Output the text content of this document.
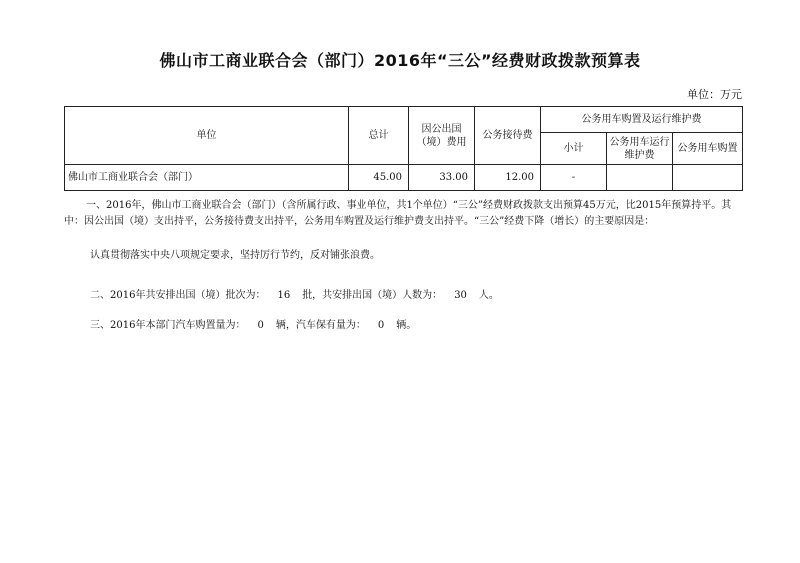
佛山市工商业联合会（部门）2016年“三公”经费财政拨款预算表
单位：万元
单位	总计	因公出国（境）费用	公务接待费	公务用车购置及运行维护费		
				小计	公务用车运行维护费	公务用车购置
佛山市工商业联合会（部门）	45.00	33.00	12.00	-		
一、2016年，佛山市工商业联合会（部门）（含所属行政、事业单位，共1个单位）“三公”经费财政拨款支出预算45万元，比2015年预算持平。其中：因公出国（境）支出持平，公务接待费支出持平，公务用车购置及运行维护费支出持平。“三公”经费下降（增长）的主要原因是：
认真贯彻落实中央八项规定要求，坚持厉行节约，反对铺张浪费。
二、2016年共安排出国（境）批次为： 16 批，共安排出国（境）人数为： 30 人。
三、2016年本部门汽车购置量为： 0 辆，汽车保有量为： 0 辆。
